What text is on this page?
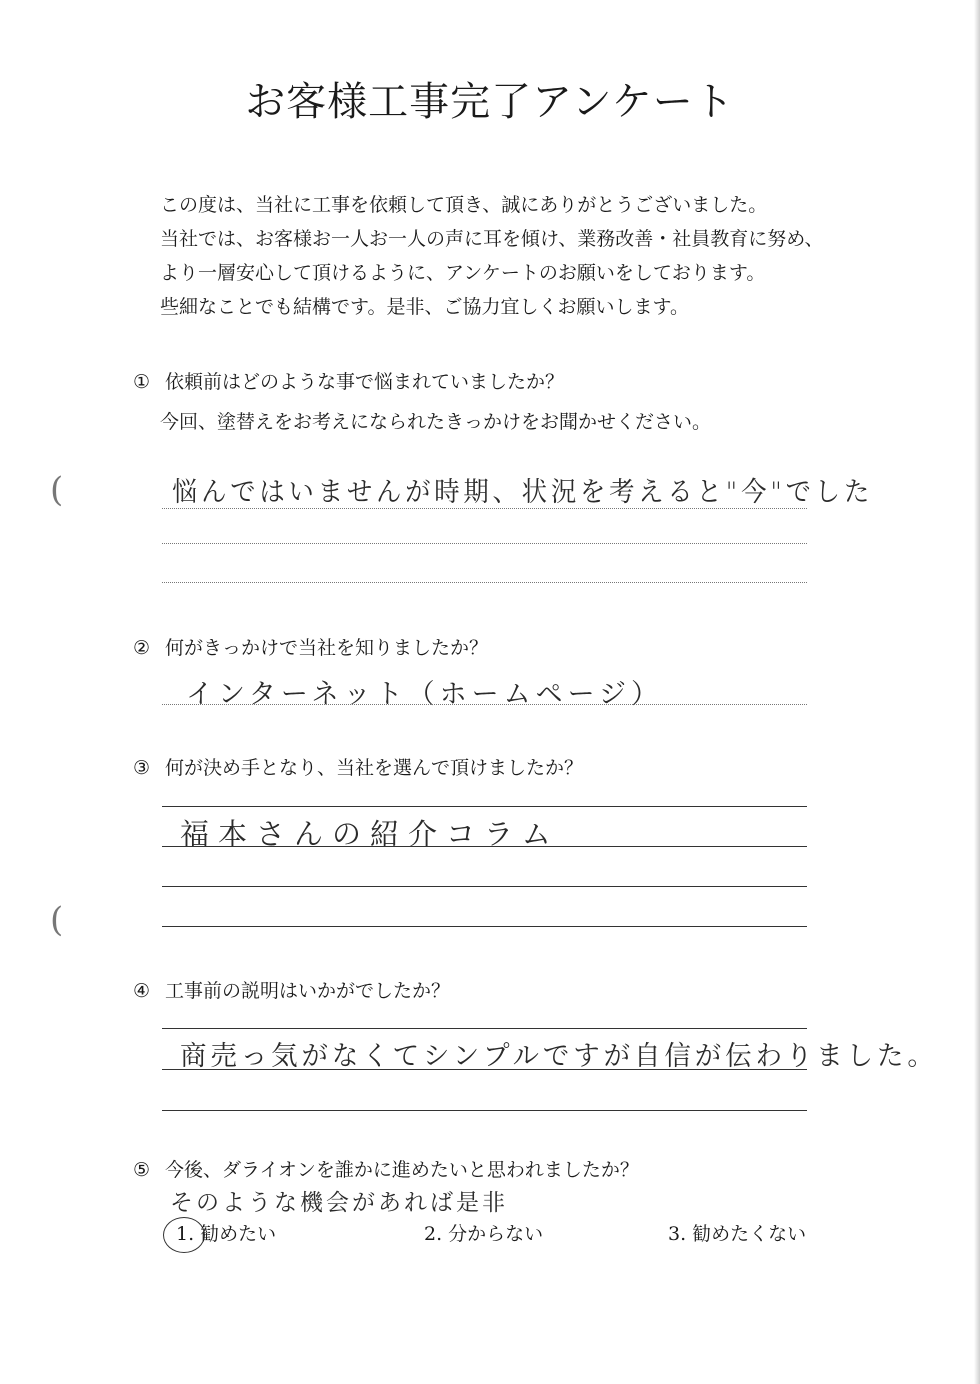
お客様工事完了アンケート
この度は、当社に工事を依頼して頂き、誠にありがとうございました。
当社では、お客様お一人お一人の声に耳を傾け、業務改善・社員教育に努め、
より一層安心して頂けるように、アンケートのお願いをしております。
些細なことでも結構です。是非、ご協力宜しくお願いします。
① 依頼前はどのような事で悩まれていましたか？
今回、塗替えをお考えになられたきっかけをお聞かせください。
悩んではいませんが時期、状況を考えると"今"でした
② 何がきっかけで当社を知りましたか？
インターネット（ホームページ）
③ 何が決め手となり、当社を選んで頂けましたか？
福本さんの紹介コラム
④ 工事前の説明はいかがでしたか？
商売っ気がなくてシンプルですが自信が伝わりました。
⑤ 今後、ダライオンを誰かに進めたいと思われましたか？
そのような機会があれば是非
1. 勧めたい	2. 分からない	3. 勧めたくない
(
(
